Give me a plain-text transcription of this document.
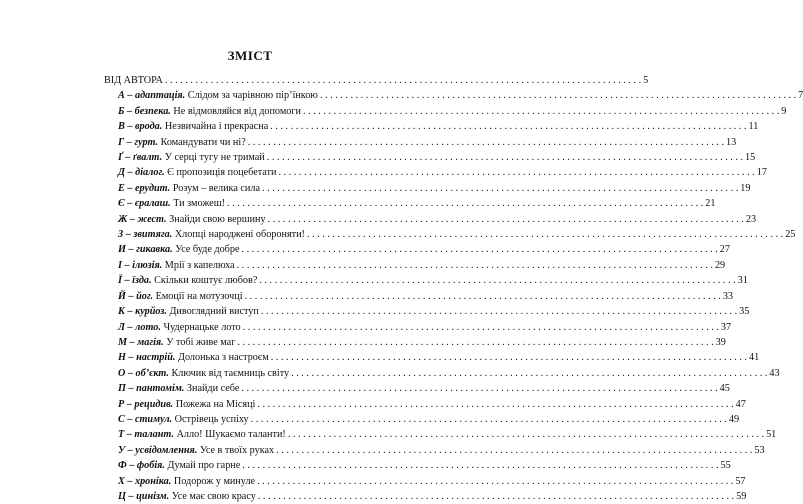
ЗМІСТ
ВІД АВТОРА . . .	5
А – адаптація. Слідом за чарівною пір’їнкою . . .	7
Б – безпека. Не відмовляйся від допомоги . . .	9
В – врода. Незвичайна і прекрасна . . .	11
Г – гурт. Командувати чи ні? . . .	13
Ґ – ґвалт. У серці тугу не тримай . . .	15
Д – діалог. Є пропозиція поцебетати . . .	17
Е – ерудит. Розум – велика сила . . .	19
Є – єралаш. Ти зможеш! . . .	21
Ж – жест. Знайди свою вершину . . .	23
З – звитяга. Хлопці народжені обороняти! . . .	25
И – гикавка. Усе буде добре . . .	27
І – ілюзія. Мрії з капелюха . . .	29
Ї – їзда. Скільки коштує любов? . . .	31
Й – йог. Емоції на мотузочці . . .	33
К – курйоз. Дивоглядний виступ . . .	35
Л – лото. Чудернацьке лото . . .	37
М – магія. У тобі живе маг . . .	39
Н – настрій. Долонька з настроєм . . .	41
О – об’єкт. Ключик від таємниць світу . . .	43
П – пантомім. Знайди себе . . .	45
Р – рецидив. Пожежа на Місяці . . .	47
С – стимул. Острівець успіху . . .	49
Т – талант. Алло! Шукаємо таланти! . . .	51
У – усвідомлення. Усе в твоїх руках . . .	53
Ф – фобія. Думай про гарне . . .	55
Х – хроніка. Подорож у минуле . . .	57
Ц – цинізм. Усе має свою красу . . .	59
